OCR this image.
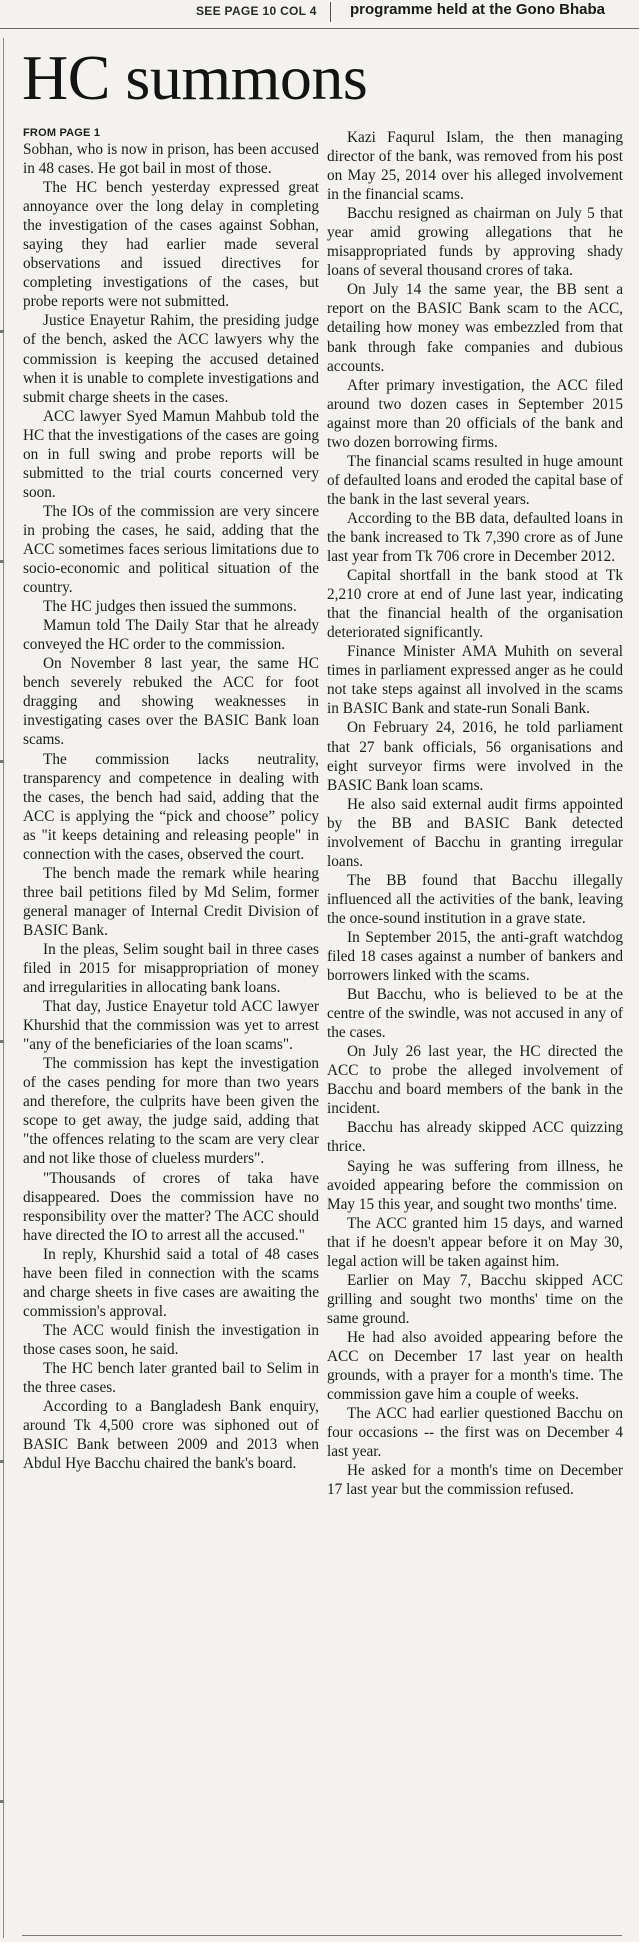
SEE PAGE 10 COL 4 programme held at the Gono Bhaba
HC summons
FROM PAGE 1

Sobhan, who is now in prison, has been accused in 48 cases. He got bail in most of those.

The HC bench yesterday expressed great annoyance over the long delay in completing the investigation of the cases against Sobhan, saying they had earlier made several observations and issued directives for completing investigations of the cases, but probe reports were not submitted.

Justice Enayetur Rahim, the presiding judge of the bench, asked the ACC lawyers why the commission is keeping the accused detained when it is unable to complete investigations and submit charge sheets in the cases.

ACC lawyer Syed Mamun Mahbub told the HC that the investigations of the cases are going on in full swing and probe reports will be submitted to the trial courts concerned very soon.

The IOs of the commission are very sincere in probing the cases, he said, adding that the ACC sometimes faces serious limitations due to socio-economic and political situation of the country.

The HC judges then issued the summons.

Mamun told The Daily Star that he already conveyed the HC order to the commission.

On November 8 last year, the same HC bench severely rebuked the ACC for foot dragging and showing weaknesses in investigating cases over the BASIC Bank loan scams.

The commission lacks neutrality, transparency and competence in dealing with the cases, the bench had said, adding that the ACC is applying the “pick and choose” policy as "it keeps detaining and releasing people" in connection with the cases, observed the court.

The bench made the remark while hearing three bail petitions filed by Md Selim, former general manager of Internal Credit Division of BASIC Bank.

In the pleas, Selim sought bail in three cases filed in 2015 for misappropriation of money and irregularities in allocating bank loans.

That day, Justice Enayetur told ACC lawyer Khurshid that the commission was yet to arrest "any of the beneficiaries of the loan scams".

The commission has kept the investigation of the cases pending for more than two years and therefore, the culprits have been given the scope to get away, the judge said, adding that "the offences relating to the scam are very clear and not like those of clueless murders".

"Thousands of crores of taka have disappeared. Does the commission have no responsibility over the matter? The ACC should have directed the IO to arrest all the accused."

In reply, Khurshid said a total of 48 cases have been filed in connection with the scams and charge sheets in five cases are awaiting the commission's approval.

The ACC would finish the investigation in those cases soon, he said.

The HC bench later granted bail to Selim in the three cases.

According to a Bangladesh Bank enquiry, around Tk 4,500 crore was siphoned out of BASIC Bank between 2009 and 2013 when Abdul Hye Bacchu chaired the bank's board.

Kazi Faqurul Islam, the then managing director of the bank, was removed from his post on May 25, 2014 over his alleged involvement in the financial scams.

Bacchu resigned as chairman on July 5 that year amid growing allegations that he misappropriated funds by approving shady loans of several thousand crores of taka.

On July 14 the same year, the BB sent a report on the BASIC Bank scam to the ACC, detailing how money was embezzled from that bank through fake companies and dubious accounts.

After primary investigation, the ACC filed around two dozen cases in September 2015 against more than 20 officials of the bank and two dozen borrowing firms.

The financial scams resulted in huge amount of defaulted loans and eroded the capital base of the bank in the last several years.

According to the BB data, defaulted loans in the bank increased to Tk 7,390 crore as of June last year from Tk 706 crore in December 2012.

Capital shortfall in the bank stood at Tk 2,210 crore at end of June last year, indicating that the financial health of the organisation deteriorated significantly.

Finance Minister AMA Muhith on several times in parliament expressed anger as he could not take steps against all involved in the scams in BASIC Bank and state-run Sonali Bank.

On February 24, 2016, he told parliament that 27 bank officials, 56 organisations and eight surveyor firms were involved in the BASIC Bank loan scams.

He also said external audit firms appointed by the BB and BASIC Bank detected involvement of Bacchu in granting irregular loans.

The BB found that Bacchu illegally influenced all the activities of the bank, leaving the once-sound institution in a grave state.

In September 2015, the anti-graft watchdog filed 18 cases against a number of bankers and borrowers linked with the scams.

But Bacchu, who is believed to be at the centre of the swindle, was not accused in any of the cases.

On July 26 last year, the HC directed the ACC to probe the alleged involvement of Bacchu and board members of the bank in the incident.

Bacchu has already skipped ACC quizzing thrice.

Saying he was suffering from illness, he avoided appearing before the commission on May 15 this year, and sought two months' time.

The ACC granted him 15 days, and warned that if he doesn't appear before it on May 30, legal action will be taken against him.

Earlier on May 7, Bacchu skipped ACC grilling and sought two months' time on the same ground.

He had also avoided appearing before the ACC on December 17 last year on health grounds, with a prayer for a month's time. The commission gave him a couple of weeks.

The ACC had earlier questioned Bacchu on four occasions -- the first was on December 4 last year.

He asked for a month's time on December 17 last year but the commission refused.
